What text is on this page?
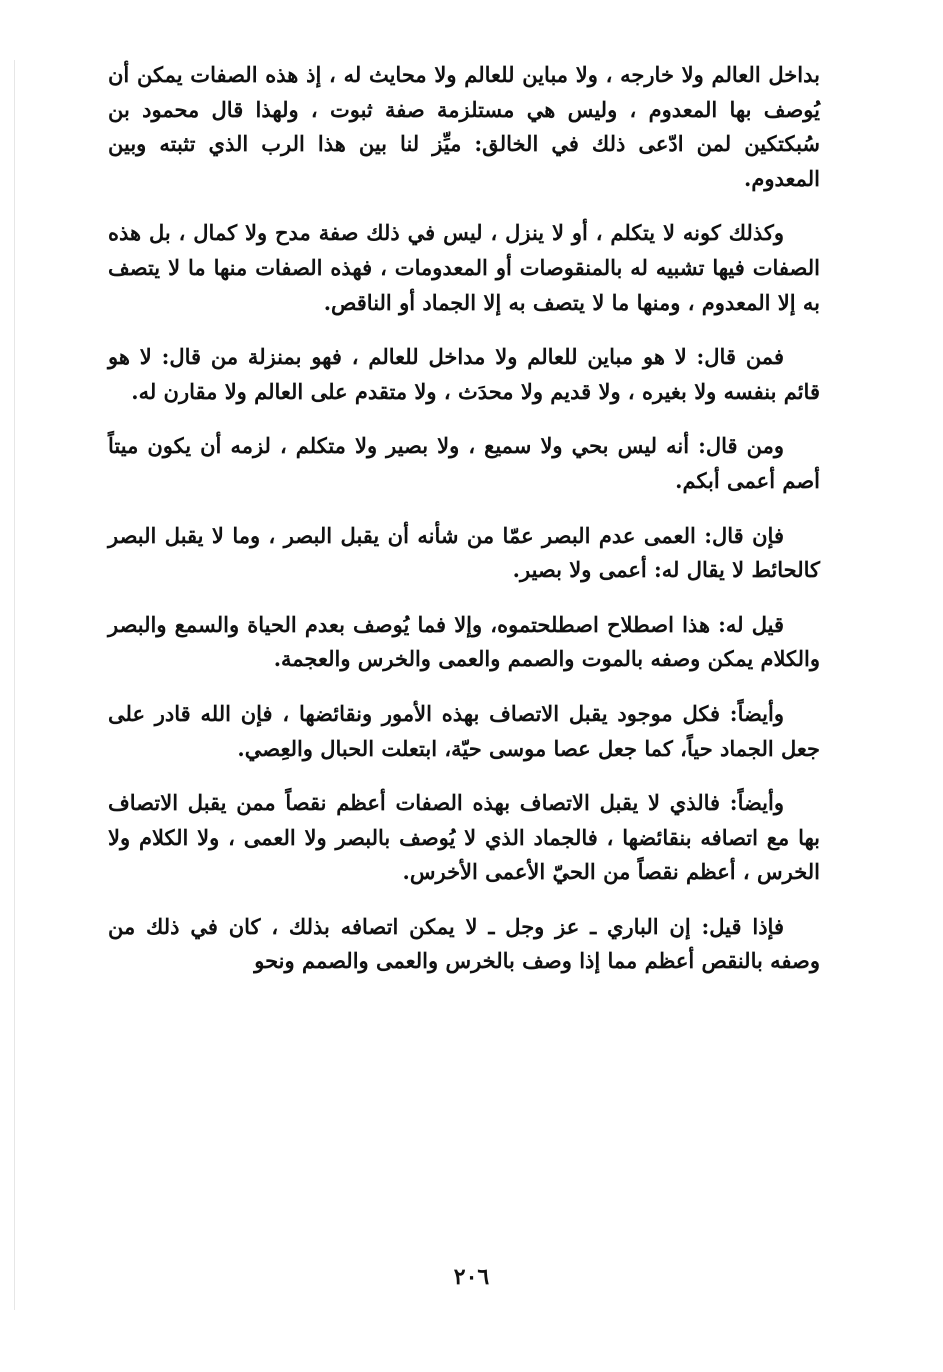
بداخل العالم ولا خارجه ، ولا مباين للعالم ولا محايث له ، إذ هذه الصفات يمكن أن يُوصف بها المعدوم ، وليس هي مستلزمة صفة ثبوت ، ولهذا قال محمود بن سُبكتكين لمن ادّعى ذلك في الخالق: ميِّز لنا بين هذا الرب الذي تثبته وبين المعدوم.

وكذلك كونه لا يتكلم ، أو لا ينزل ، ليس في ذلك صفة مدح ولا كمال ، بل هذه الصفات فيها تشبيه له بالمنقوصات أو المعدومات ، فهذه الصفات منها ما لا يتصف به إلا المعدوم ، ومنها ما لا يتصف به إلا الجماد أو الناقص.

فمن قال: لا هو مباين للعالم ولا مداخل للعالم ، فهو بمنزلة من قال: لا هو قائم بنفسه ولا بغيره ، ولا قديم ولا محدَث ، ولا متقدم على العالم ولا مقارن له.

ومن قال: أنه ليس بحي ولا سميع ، ولا بصير ولا متكلم ، لزمه أن يكون ميتاً أصم أعمى أبكم.

فإن قال: العمى عدم البصر عمّا من شأنه أن يقبل البصر ، وما لا يقبل البصر كالحائط لا يقال له: أعمى ولا بصير.

قيل له: هذا اصطلاح اصطلحتموه، وإلا فما يُوصف بعدم الحياة والسمع والبصر والكلام يمكن وصفه بالموت والصمم والعمى والخرس والعجمة.

وأيضاً: فكل موجود يقبل الاتصاف بهذه الأمور ونقائضها ، فإن الله قادر على جعل الجماد حياً، كما جعل عصا موسى حيّة، ابتعلت الحبال والعِصي.

وأيضاً: فالذي لا يقبل الاتصاف بهذه الصفات أعظم نقصاً ممن يقبل الاتصاف بها مع اتصافه بنقائضها ، فالجماد الذي لا يُوصف بالبصر ولا العمى ، ولا الكلام ولا الخرس ، أعظم نقصاً من الحيّ الأعمى الأخرس.

فإذا قيل: إن الباري ـ عز وجل ـ لا يمكن اتصافه بذلك ، كان في ذلك من وصفه بالنقص أعظم مما إذا وصف بالخرس والعمى والصمم ونحو

٢٠٦
